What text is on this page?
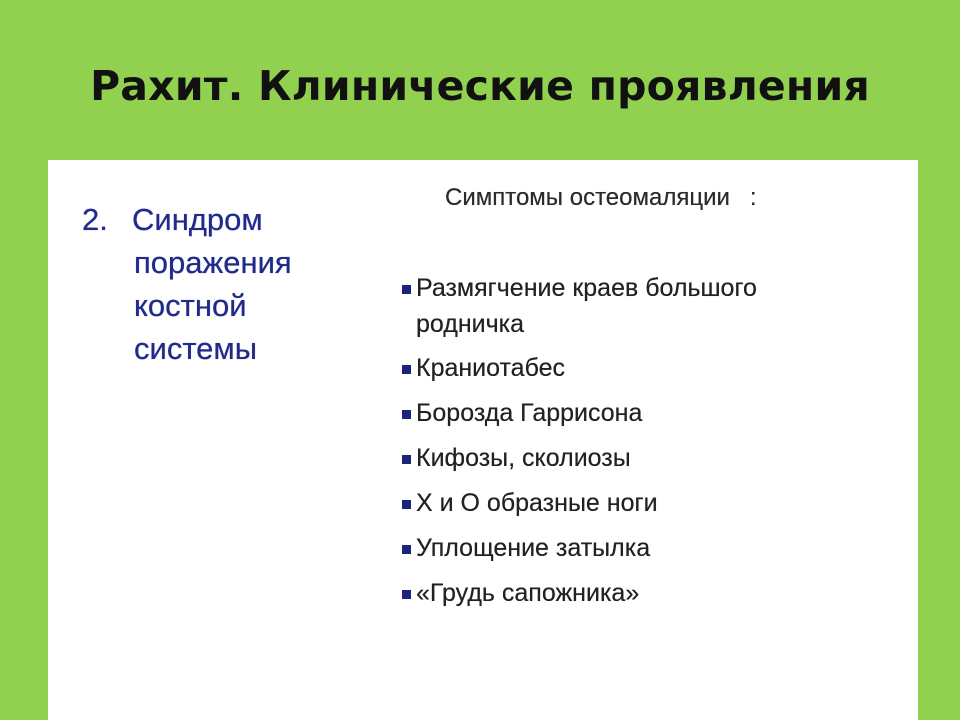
Рахит. Клинические проявления
2. Синдром
поражения
костной
системы
Симптомы остеомаляции   :
Размягчение краев большого родничка
Краниотабес
Борозда Гаррисона
Кифозы, сколиозы
Х и О образные ноги
Уплощение затылка
«Грудь сапожника»
